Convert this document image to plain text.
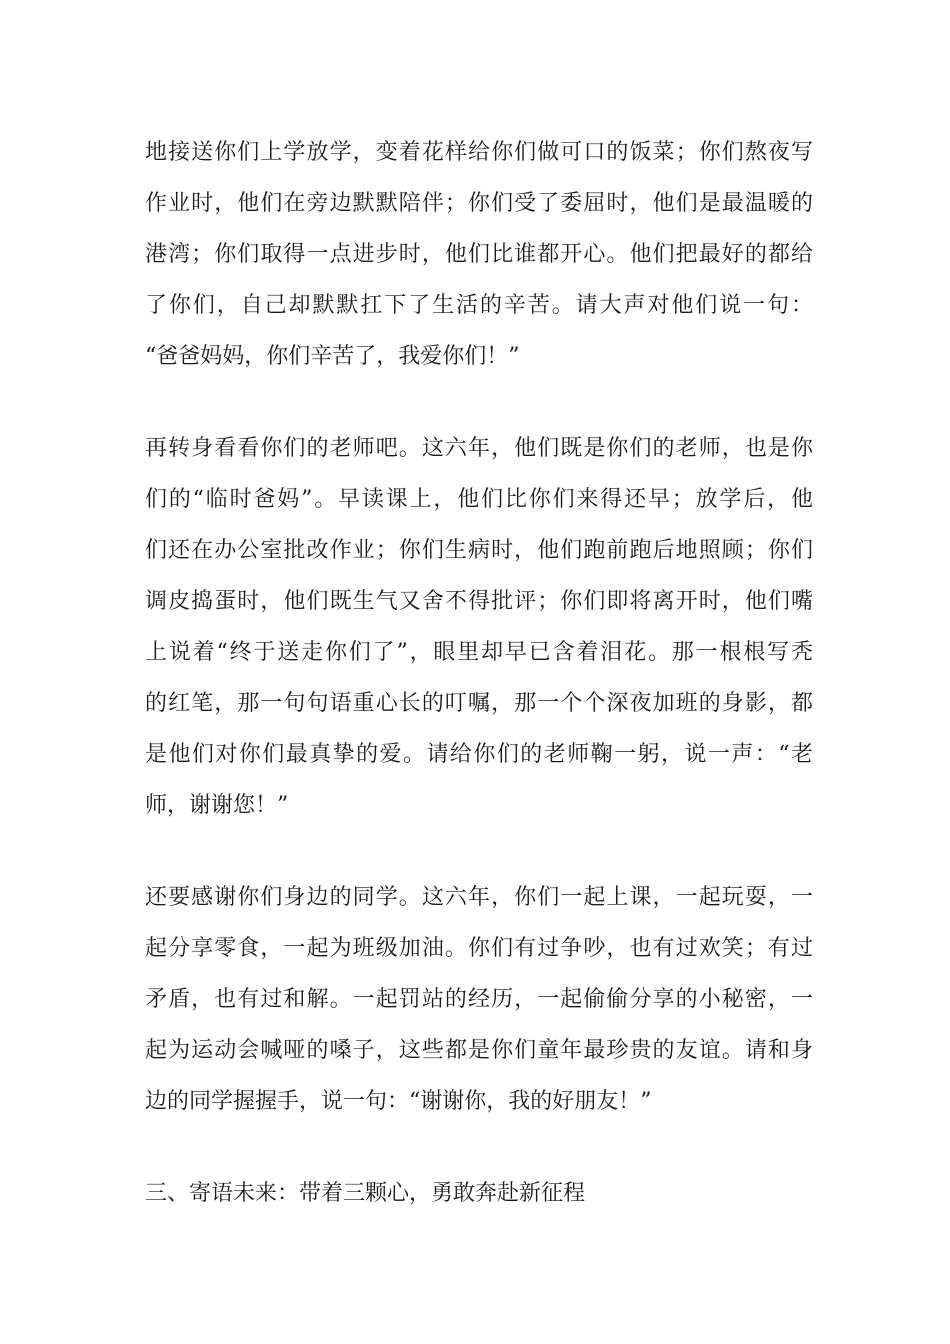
地接送你们上学放学，变着花样给你们做可口的饭菜；你们熬夜写
作业时，他们在旁边默默陪伴；你们受了委屈时，他们是最温暖的
港湾；你们取得一点进步时，他们比谁都开心。他们把最好的都给
了你们，自己却默默扛下了生活的辛苦。请大声对他们说一句：
“爸爸妈妈，你们辛苦了，我爱你们！”
再转身看看你们的老师吧。这六年，他们既是你们的老师，也是你
们的“临时爸妈”。早读课上，他们比你们来得还早；放学后，他
们还在办公室批改作业；你们生病时，他们跑前跑后地照顾；你们
调皮捣蛋时，他们既生气又舍不得批评；你们即将离开时，他们嘴
上说着“终于送走你们了”，眼里却早已含着泪花。那一根根写秃
的红笔，那一句句语重心长的叮嘱，那一个个深夜加班的身影，都
是他们对你们最真挚的爱。请给你们的老师鞠一躬，说一声：“老
师，谢谢您！”
还要感谢你们身边的同学。这六年，你们一起上课，一起玩耍，一
起分享零食，一起为班级加油。你们有过争吵，也有过欢笑；有过
矛盾，也有过和解。一起罚站的经历，一起偷偷分享的小秘密，一
起为运动会喊哑的嗓子，这些都是你们童年最珍贵的友谊。请和身
边的同学握握手，说一句：“谢谢你，我的好朋友！”
三、寄语未来：带着三颗心，勇敢奔赴新征程
